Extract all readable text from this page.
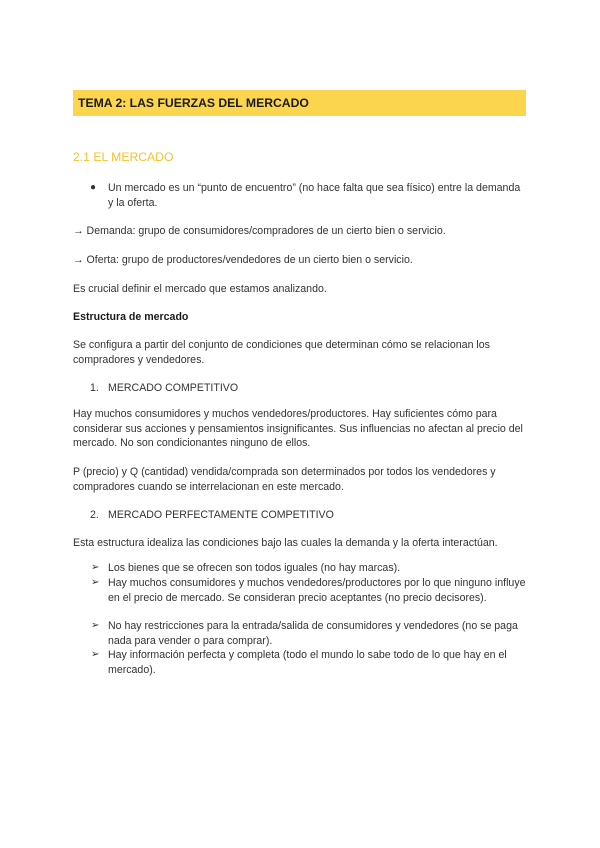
TEMA 2: LAS FUERZAS DEL MERCADO
2.1 EL MERCADO
● Un mercado es un “punto de encuentro” (no hace falta que sea físico) entre la demanda y la oferta.
→ Demanda: grupo de consumidores/compradores de un cierto bien o servicio.
→ Oferta: grupo de productores/vendedores de un cierto bien o servicio.
Es crucial definir el mercado que estamos analizando.
Estructura de mercado
Se configura a partir del conjunto de condiciones que determinan cómo se relacionan los compradores y vendedores.
1. MERCADO COMPETITIVO
Hay muchos consumidores y muchos vendedores/productores. Hay suficientes cómo para considerar sus acciones y pensamientos insignificantes. Sus influencias no afectan al precio del mercado. No son condicionantes ninguno de ellos.
P (precio) y Q (cantidad) vendida/comprada son determinados por todos los vendedores y compradores cuando se interrelacionan en este mercado.
2. MERCADO PERFECTAMENTE COMPETITIVO
Esta estructura idealiza las condiciones bajo las cuales la demanda y la oferta interactúan.
➢ Los bienes que se ofrecen son todos iguales (no hay marcas).
➢ Hay muchos consumidores y muchos vendedores/productores por lo que ninguno influye en el precio de mercado. Se consideran precio aceptantes (no precio decisores).
➢ No hay restricciones para la entrada/salida de consumidores y vendedores (no se paga nada para vender o para comprar).
➢ Hay información perfecta y completa (todo el mundo lo sabe todo de lo que hay en el mercado).
